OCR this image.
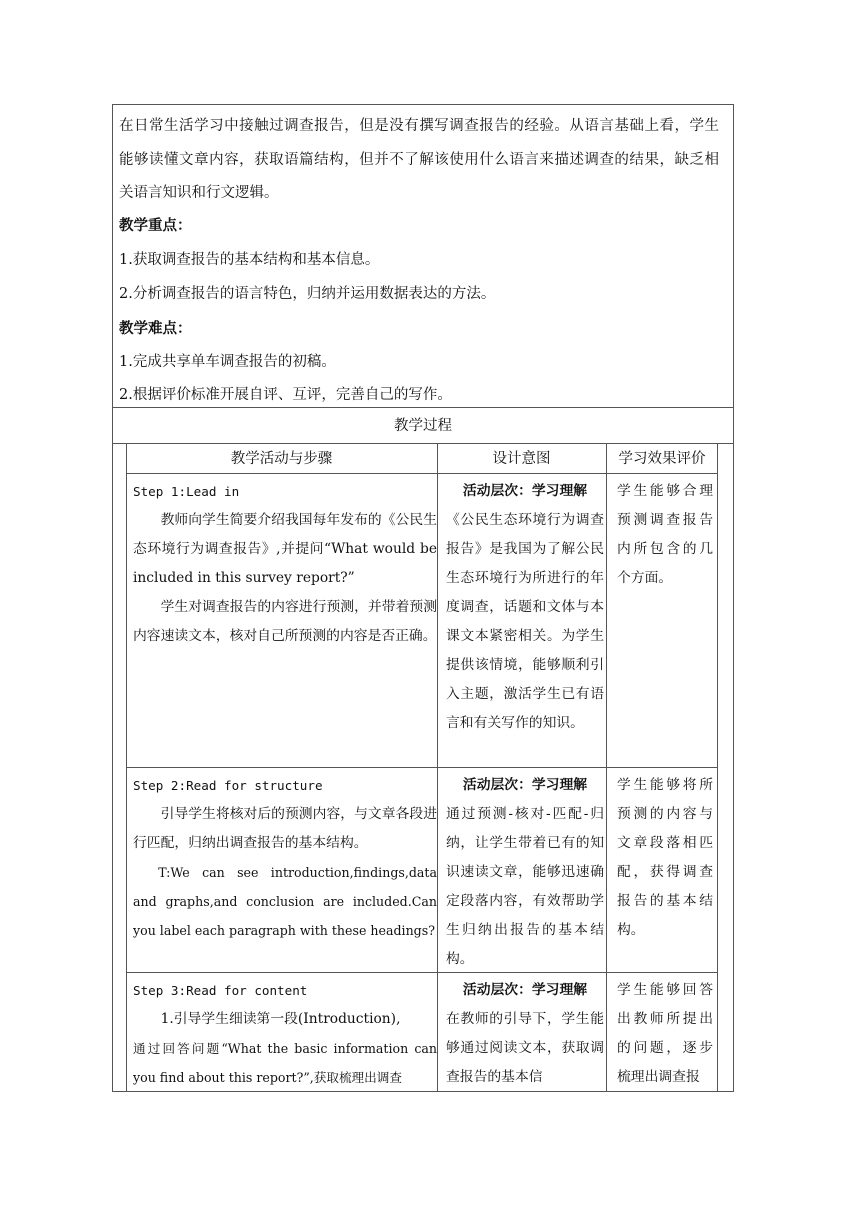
在日常生活学习中接触过调查报告，但是没有撰写调查报告的经验。从语言基础上看，学生
能够读懂文章内容，获取语篇结构，但并不了解该使用什么语言来描述调查的结果，缺乏相
关语言知识和行文逻辑。
教学重点：
1.获取调查报告的基本结构和基本信息。
2.分析调查报告的语言特色，归纳并运用数据表达的方法。
教学难点：
1.完成共享单车调查报告的初稿。
2.根据评价标准开展自评、互评，完善自己的写作。
教学过程
教学活动与步骤	设计意图	学习效果评价

Step 1:Lead in

教师向学生简要介绍我国每年发布的《公民生态环境行为调查报告》,并提问“What would be included in this survey report?”

学生对调查报告的内容进行预测，并带着预测内容速读文本，核对自己所预测的内容是否正确。

活动层次：学习理解

《公民生态环境行为调查报告》是我国为了解公民生态环境行为所进行的年度调查，话题和文体与本课文本紧密相关。为学生提供该情境，能够顺利引入主题，激活学生已有语言和有关写作的知识。

学生能够合理预测调查报告内所包含的几个方面。

Step 2:Read for structure

引导学生将核对后的预测内容，与文章各段进行匹配，归纳出调查报告的基本结构。

T:We can see introduction,findings,data and graphs,and conclusion are included.Can you label each paragraph with these headings?

活动层次：学习理解

通过预测-核对-匹配-归纳，让学生带着已有的知识速读文章，能够迅速确定段落内容，有效帮助学生归纳出报告的基本结构。

学生能够将所预测的内容与文章段落相匹配，获得调查报告的基本结构。

Step 3:Read for content

1.引导学生细读第一段(Introduction),

通过回答问题“What the basic information can you find about this report?”,获取梳理出调查

活动层次：学习理解

在教师的引导下，学生能够通过阅读文本，获取调查报告的基本信

学生能够回答出教师所提出的问题，逐步梳理出调查报
